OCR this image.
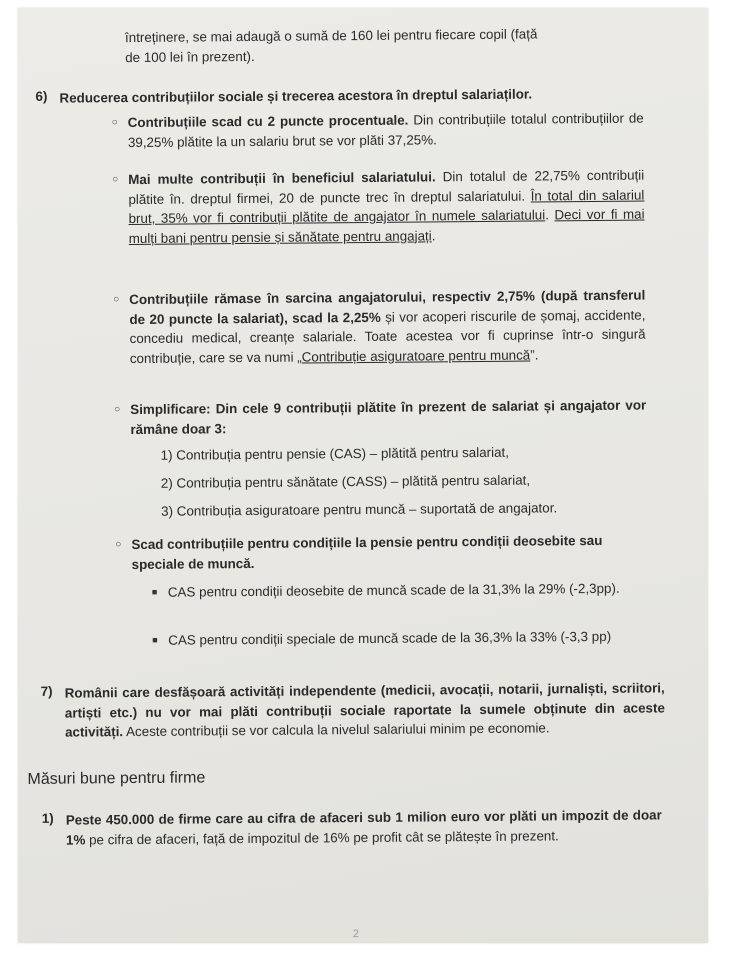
întreținere, se mai adaugă o sumă de 160 lei pentru fiecare copil (față

de 100 lei în prezent).

6) Reducerea contribuțiilor sociale și trecerea acestora în dreptul salariaților.

○ Contribuțiile scad cu 2 puncte procentuale. Din contribuțiile totalul contribuțiilor de 39,25% plătite la un salariu brut se vor plăti 37,25%.

○ Mai multe contribuții în beneficiul salariatului. Din totalul de 22,75% contribuții plătite în. dreptul firmei, 20 de puncte trec în dreptul salariatului. În total din salariul brut, 35% vor fi contribuții plătite de angajator în numele salariatului. Deci vor fi mai mulți bani pentru pensie și sănătate pentru angajați.

○ Contribuțiile rămase în sarcina angajatorului, respectiv 2,75% (după transferul de 20 puncte la salariat), scad la 2,25% și vor acoperi riscurile de șomaj, accidente, concediu medical, creanțe salariale. Toate acestea vor fi cuprinse într-o singură contribuție, care se va numi „Contribuție asiguratoare pentru muncă”.

○ Simplificare: Din cele 9 contribuții plătite în prezent de salariat și angajator vor rămâne doar 3:

1) Contribuția pentru pensie (CAS) – plătită pentru salariat,

2) Contribuția pentru sănătate (CASS) – plătită pentru salariat,

3) Contribuția asiguratoare pentru muncă – suportată de angajator.

○ Scad contribuțiile pentru condițiile la pensie pentru condiții deosebite sau speciale de muncă.

■ CAS pentru condiții deosebite de muncă scade de la 31,3% la 29% (-2,3pp).

■ CAS pentru condiții speciale de muncă scade de la 36,3% la 33% (-3,3 pp)

7) Românii care desfășoară activități independente (medicii, avocații, notarii, jurnaliști, scriitori, artiști etc.) nu vor mai plăti contribuții sociale raportate la sumele obținute din aceste activități. Aceste contribuții se vor calcula la nivelul salariului minim pe economie.

Măsuri bune pentru firme
1) Peste 450.000 de firme care au cifra de afaceri sub 1 milion euro vor plăti un impozit de doar 1% pe cifra de afaceri, față de impozitul de 16% pe profit cât se plătește în prezent.

2
